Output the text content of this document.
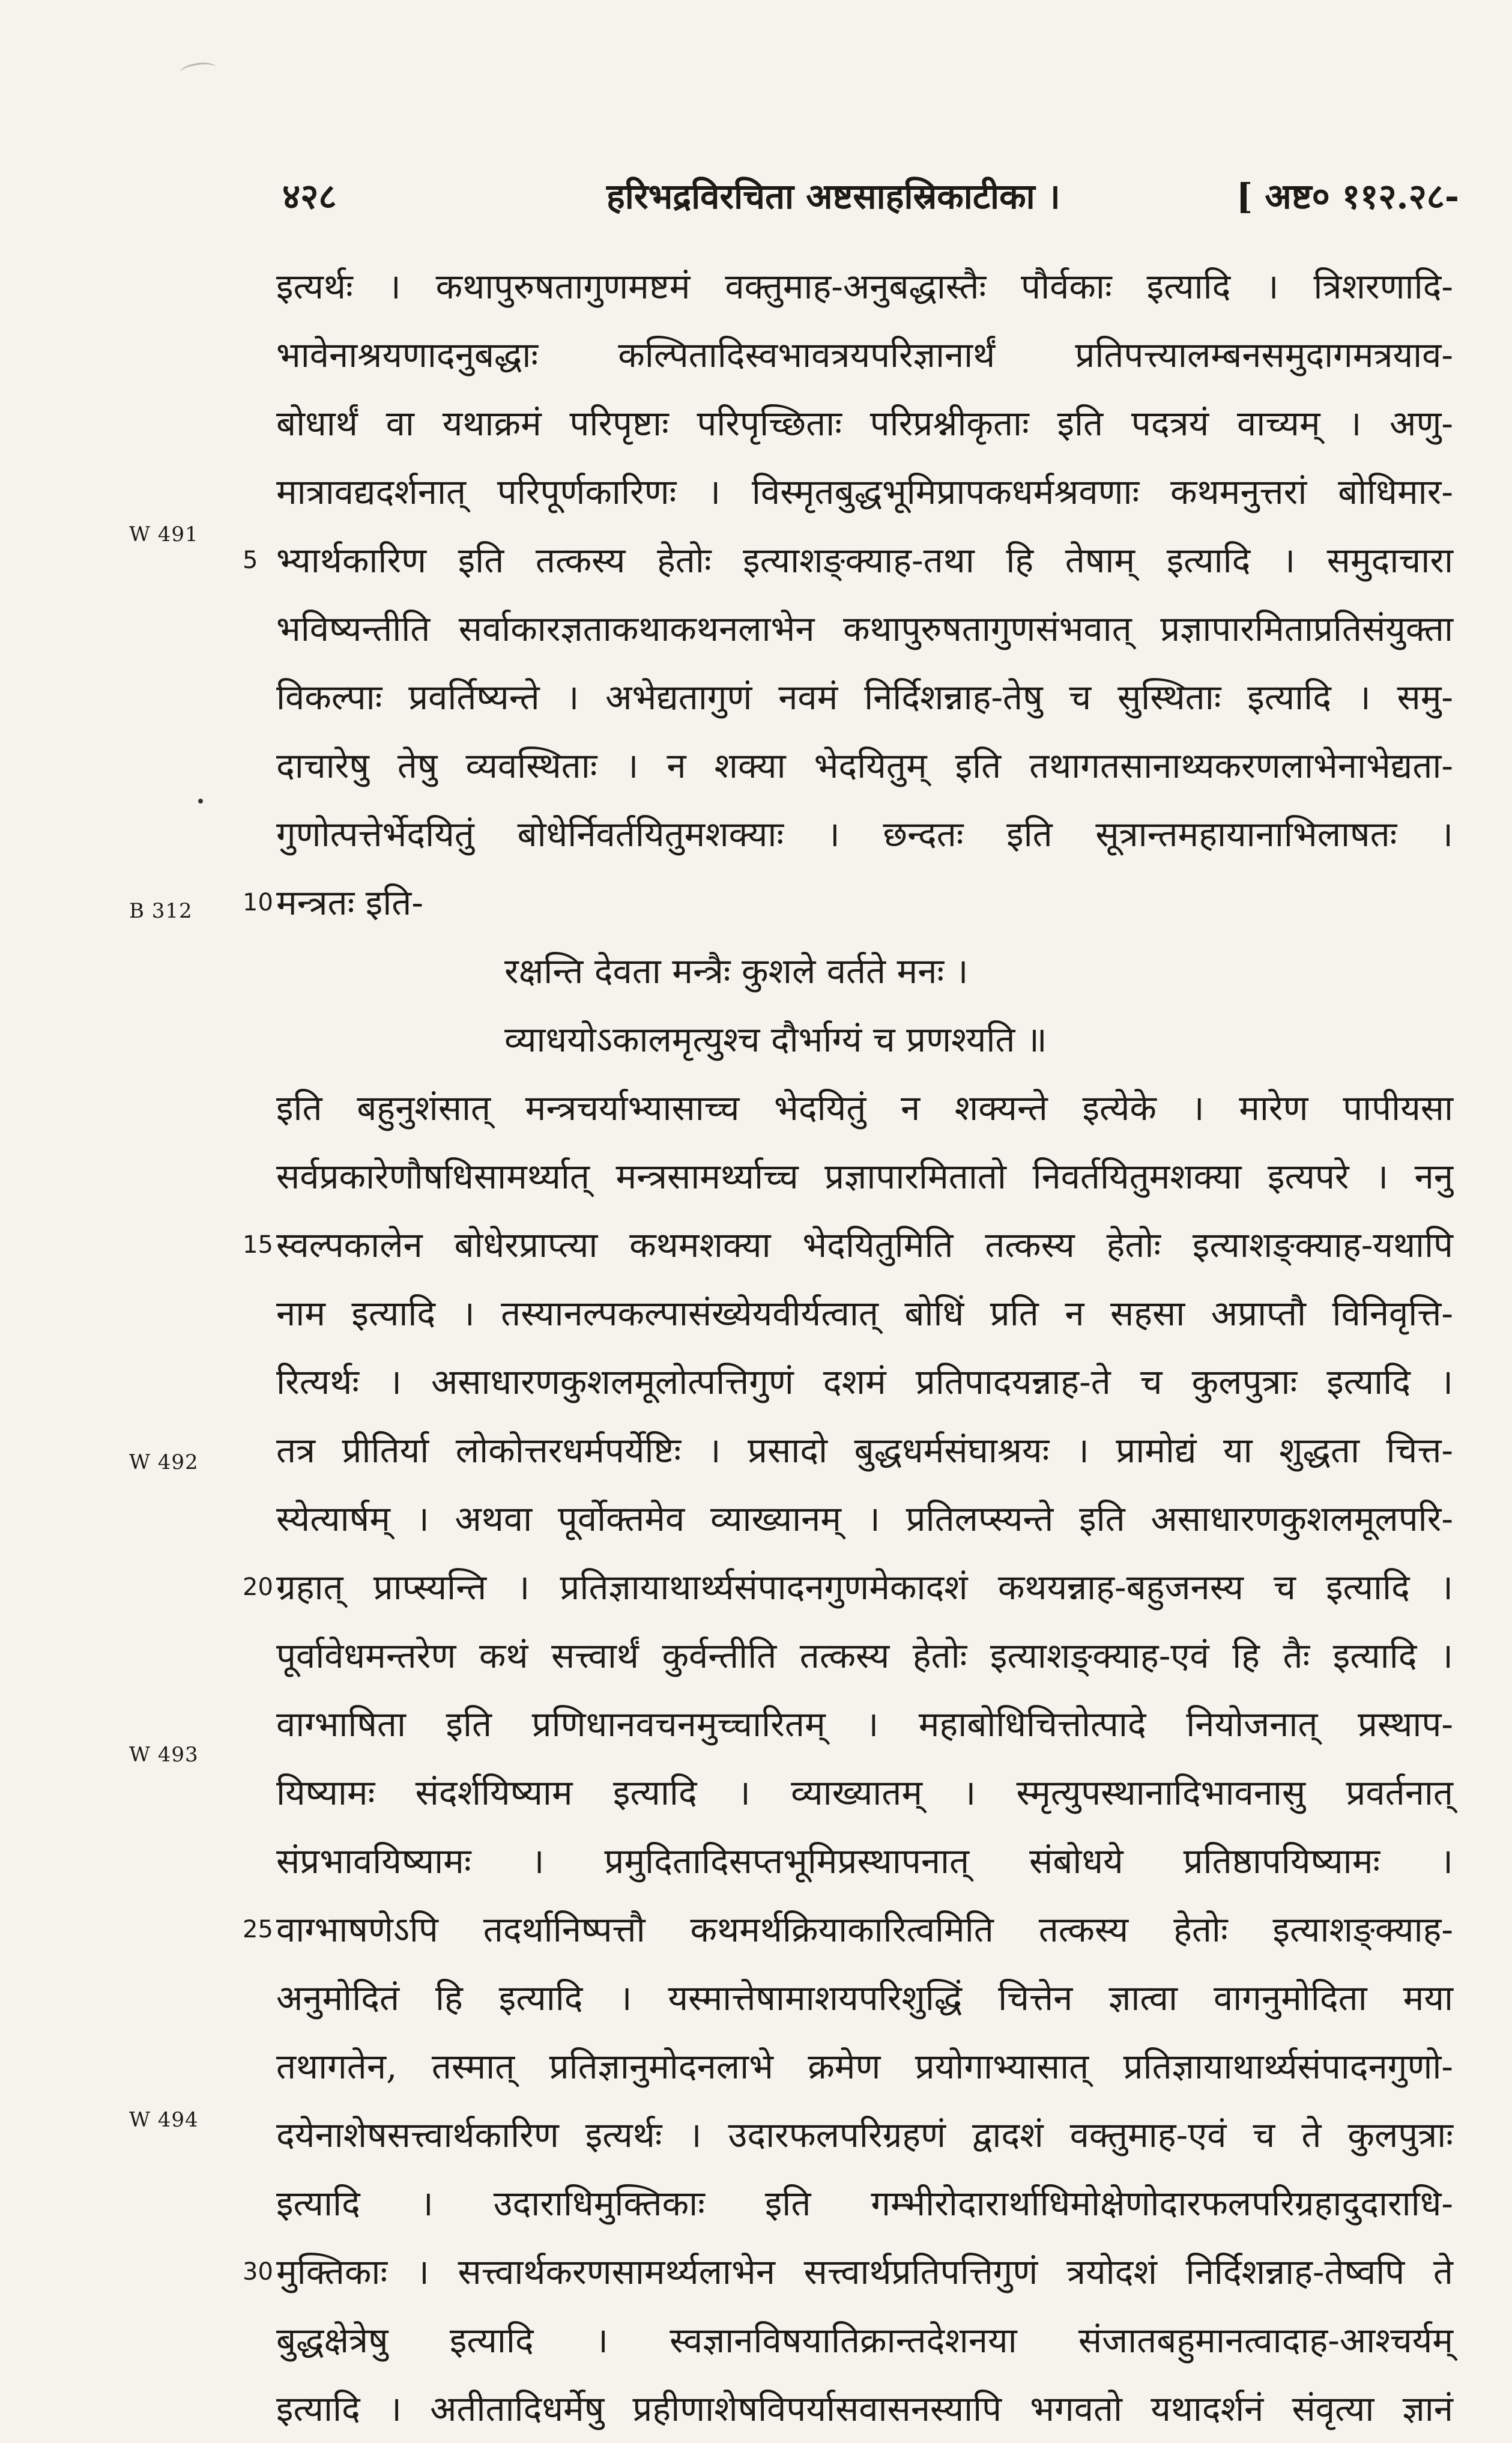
४२८	हरिभद्रविरचिता अष्टसाहस्रिकाटीका ।	[ अष्ट० ११२.२८-
W 491
B 312
W 492
W 493
W 494
इत्यर्थः । कथापुरुषतागुणमष्टमं वक्तुमाह-अनुबद्धास्तैः पौर्वकाः इत्यादि । त्रिशरणादि-
भावेनाश्रयणादनुबद्धाः कल्पितादिस्वभावत्रयपरिज्ञानार्थं प्रतिपत्त्यालम्बनसमुदागमत्रयाव-
बोधार्थं वा यथाक्रमं परिपृष्टाः परिपृच्छिताः परिप्रश्नीकृताः इति पदत्रयं वाच्यम् । अणु-
मात्रावद्यदर्शनात् परिपूर्णकारिणः । विस्मृतबुद्धभूमिप्रापकधर्मश्रवणाः कथमनुत्तरां बोधिमार-
5 भ्यार्थकारिण इति तत्कस्य हेतोः इत्याशङ्क्याह-तथा हि तेषाम् इत्यादि । समुदाचारा
भविष्यन्तीति सर्वाकारज्ञताकथाकथनलाभेन कथापुरुषतागुणसंभवात् प्रज्ञापारमिताप्रतिसंयुक्ता
विकल्पाः प्रवर्तिष्यन्ते । अभेद्यतागुणं नवमं निर्दिशन्नाह-तेषु च सुस्थिताः इत्यादि । समु-
दाचारेषु तेषु व्यवस्थिताः । न शक्या भेदयितुम् इति तथागतसानाथ्यकरणलाभेनाभेद्यता-
गुणोत्पत्तेर्भेदयितुं बोधेर्निवर्तयितुमशक्याः । छन्दतः इति सूत्रान्तमहायानाभिलाषतः ।
10 मन्त्रतः इति-
रक्षन्ति देवता मन्त्रैः कुशले वर्तते मनः ।
व्याधयोऽकालमृत्युश्च दौर्भाग्यं च प्रणश्यति ॥
इति बहुनुशंसात् मन्त्रचर्याभ्यासाच्च भेदयितुं न शक्यन्ते इत्येके । मारेण पापीयसा
सर्वप्रकारेणौषधिसामर्थ्यात् मन्त्रसामर्थ्याच्च प्रज्ञापारमितातो निवर्तयितुमशक्या इत्यपरे । ननु
15 स्वल्पकालेन बोधेरप्राप्त्या कथमशक्या भेदयितुमिति तत्कस्य हेतोः इत्याशङ्क्याह-यथापि
नाम इत्यादि । तस्यानल्पकल्पासंख्येयवीर्यत्वात् बोधिं प्रति न सहसा अप्राप्तौ विनिवृत्ति-
रित्यर्थः । असाधारणकुशलमूलोत्पत्तिगुणं दशमं प्रतिपादयन्नाह-ते च कुलपुत्राः इत्यादि ।
तत्र प्रीतिर्या लोकोत्तरधर्मपर्येष्टिः । प्रसादो बुद्धधर्मसंघाश्रयः । प्रामोद्यं या शुद्धता चित्त-
स्येत्यार्षम् । अथवा पूर्वोक्तमेव व्याख्यानम् । प्रतिलप्स्यन्ते इति असाधारणकुशलमूलपरि-
20 ग्रहात् प्राप्स्यन्ति । प्रतिज्ञायाथार्थ्यसंपादनगुणमेकादशं कथयन्नाह-बहुजनस्य च इत्यादि ।
पूर्वावेधमन्तरेण कथं सत्त्वार्थं कुर्वन्तीति तत्कस्य हेतोः इत्याशङ्क्याह-एवं हि तैः इत्यादि ।
वाग्भाषिता इति प्रणिधानवचनमुच्चारितम् । महाबोधिचित्तोत्पादे नियोजनात् प्रस्थाप-
यिष्यामः संदर्शयिष्याम इत्यादि । व्याख्यातम् । स्मृत्युपस्थानादिभावनासु प्रवर्तनात्
संप्रभावयिष्यामः । प्रमुदितादिसप्तभूमिप्रस्थापनात् संबोधये प्रतिष्ठापयिष्यामः ।
25 वाग्भाषणेऽपि तदर्थानिष्पत्तौ कथमर्थक्रियाकारित्वमिति तत्कस्य हेतोः इत्याशङ्क्याह-
अनुमोदितं हि इत्यादि । यस्मात्तेषामाशयपरिशुद्धिं चित्तेन ज्ञात्वा वागनुमोदिता मया
तथागतेन, तस्मात् प्रतिज्ञानुमोदनलाभे क्रमेण प्रयोगाभ्यासात् प्रतिज्ञायाथार्थ्यसंपादनगुणो-
दयेनाशेषसत्त्वार्थकारिण इत्यर्थः । उदारफलपरिग्रहणं द्वादशं वक्तुमाह-एवं च ते कुलपुत्राः
इत्यादि । उदाराधिमुक्तिकाः इति गम्भीरोदारार्थाधिमोक्षेणोदारफलपरिग्रहादुदाराधि-
30 मुक्तिकाः । सत्त्वार्थकरणसामर्थ्यलाभेन सत्त्वार्थप्रतिपत्तिगुणं त्रयोदशं निर्दिशन्नाह-तेष्वपि ते
बुद्धक्षेत्रेषु इत्यादि । स्वज्ञानविषयातिक्रान्तदेशनया संजातबहुमानत्वादाह-आश्चर्यम्
इत्यादि । अतीतादिधर्मेषु प्रहीणाशेषविपर्यासवासनस्यापि भगवतो यथादर्शनं संवृत्या ज्ञानं
